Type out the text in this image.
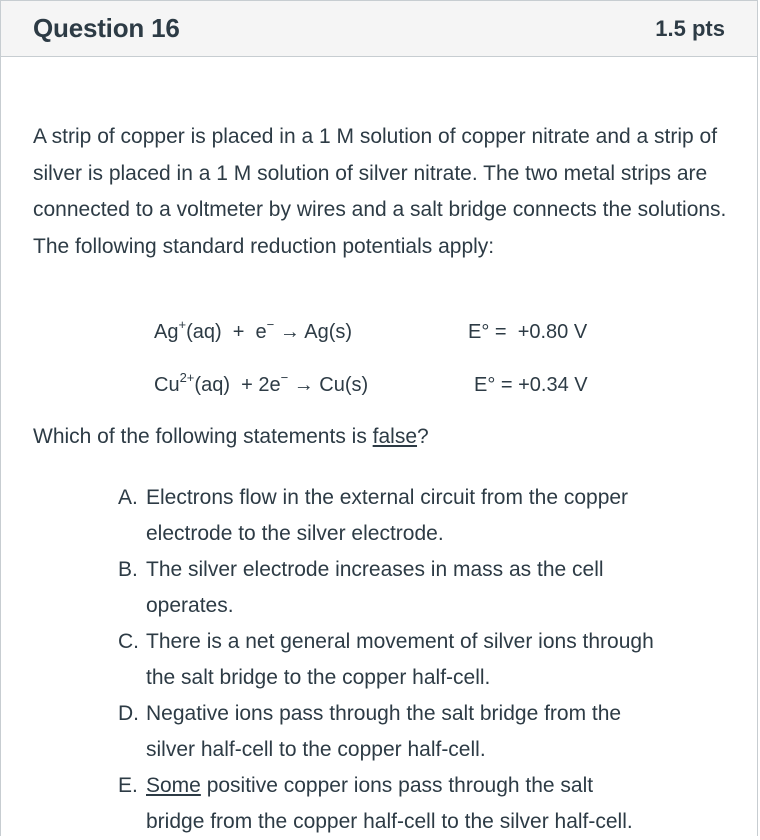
Question 16	1.5 pts
A strip of copper is placed in a 1 M solution of copper nitrate and a strip of silver is placed in a 1 M solution of silver nitrate. The two metal strips are connected to a voltmeter by wires and a salt bridge connects the solutions. The following standard reduction potentials apply:
Ag+(aq)  +  e− → Ag(s)	E° =  +0.80 V
$Cu^{2+}(aq) + 2e^- \to Cu(s)$	E° = +0.34 V
Which of the following statements is false?
A. Electrons flow in the external circuit from the copper
electrode to the silver electrode.
B. The silver electrode increases in mass as the cell
operates.
C. There is a net general movement of silver ions through
the salt bridge to the copper half-cell.
D. Negative ions pass through the salt bridge from the
silver half-cell to the copper half-cell.
E. Some positive copper ions pass through the salt
bridge from the copper half-cell to the silver half-cell.
